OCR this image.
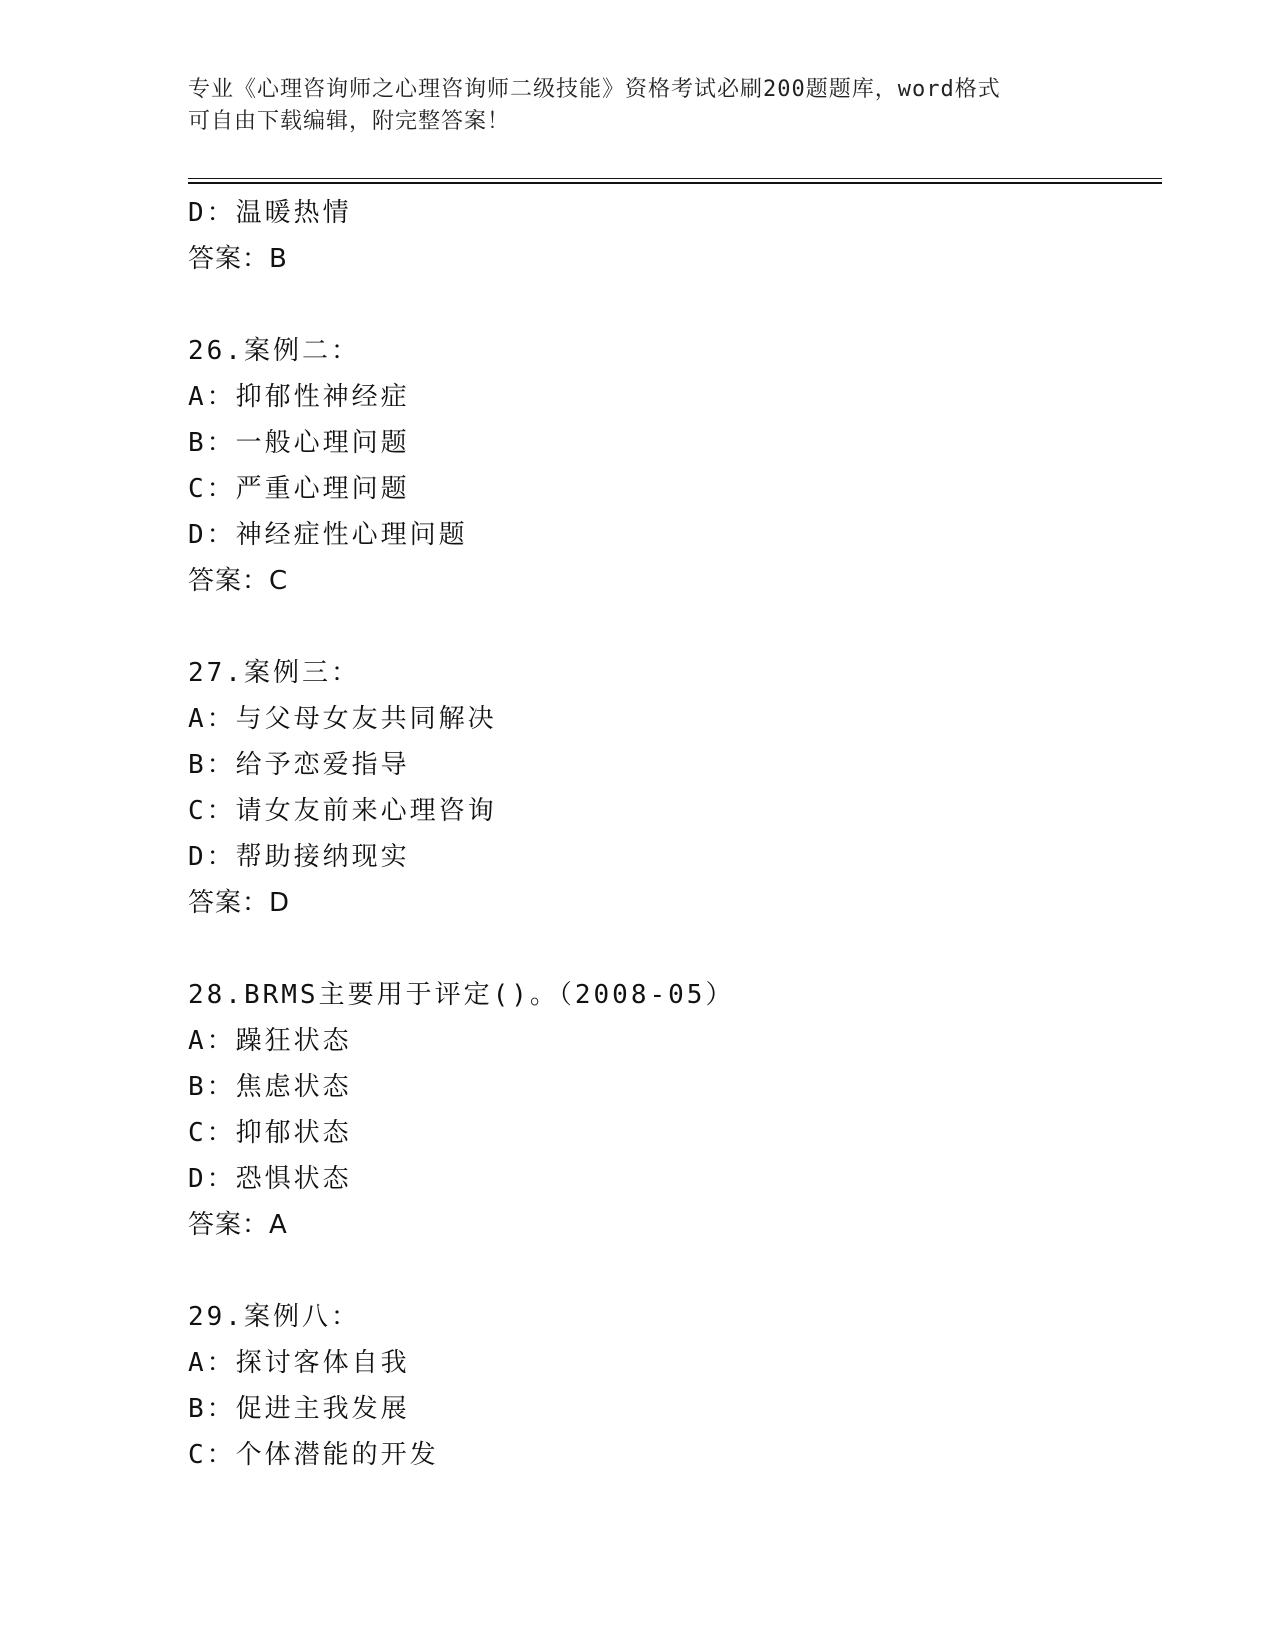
专业《心理咨询师之心理咨询师二级技能》资格考试必刷200题题库，word格式
可自由下载编辑，附完整答案！
D：温暖热情
答案：B
26.案例二：
A：抑郁性神经症
B：一般心理问题
C：严重心理问题
D：神经症性心理问题
答案：C
27.案例三：
A：与父母女友共同解决
B：给予恋爱指导
C：请女友前来心理咨询
D：帮助接纳现实
答案：D
28.BRMS主要用于评定()。（2008-05）
A：躁狂状态
B：焦虑状态
C：抑郁状态
D：恐惧状态
答案：A
29.案例八：
A：探讨客体自我
B：促进主我发展
C：个体潜能的开发
